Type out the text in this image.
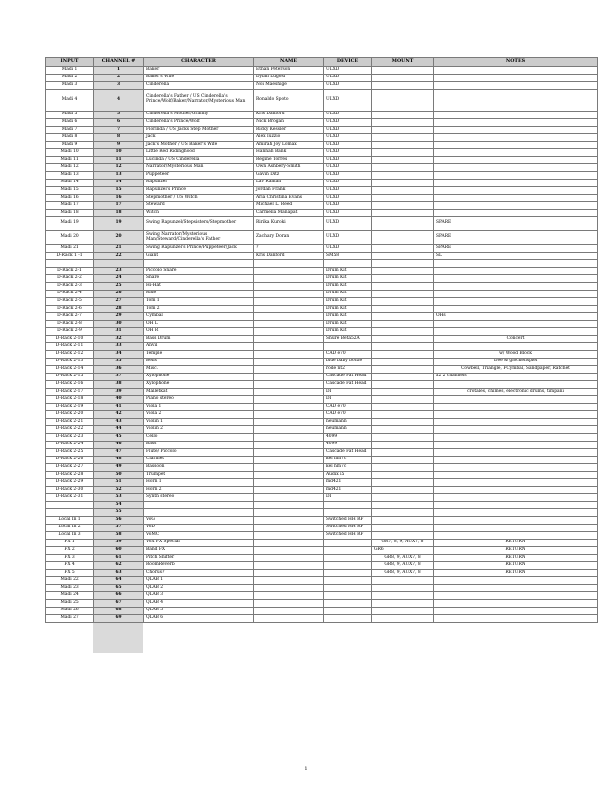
INPUT	CHANNEL #	CHARACTER	NAME	DEVICE	MOUNT	NOTES
Madi 1	1	Baker	Ethan Peterson	ULXD		
Madi 2	2	Baker's Wife	Dylan Lugosi	ULXD		
Madi 3	3	Cinderella	Noi Maeshige	ULXD		
Madi 4	4	Cinderella's Father / US Cinderella's Prince/Wolf/Baker/Narrator/Mysterious Man	Ronaldo Spoto	ULXD		
Madi 5	5	Cinderella's Mother/Granny	Kris Danford	ULXD		
Madi 6	6	Cinderella's Prince/Wolf	Nick Brogan	ULXD		
Madi 7	7	Florinda / US Jacks Step Mother	Ricky Kessler	ULXD		
Madi 8	8	Jack	Alex Iuzzio	ULXD		
Madi 9	9	Jack's Mother / US Baker's Wife	Amirah Joy Lomax	ULXD		
Madi 10	10	Little Red Ridinghood	Hannah Bank	ULXD		
Madi 11	11	Lucinda / US Cinderella	Regine Torres	ULXD		
Madi 12	12	Narrator/Mysterious Man	Own Ashbery-Smith	ULXD		
Madi 13	13	Puppeteer	Gavin Ditz	ULXD		
Madi 14	14	Rapunzel	Lav Raman	ULXD		
Madi 15	15	Rapunzel's Prince	Jordan Frank	ULXD		
Madi 16	16	Stepmother / US Witch	Aria Christina Evans	ULXD		
Madi 17	17	Steward	Michael L. Reed	ULXD		
Madi 18	18	Witch	Carmella Manapat	ULXD		
Madi 19	19	Swing Rapunzel/Stepsisters/Stepmother	Ririka Kuroki	ULXD		SPARE
Madi 20	20	Swing Narrator/Mysterious Man/Steward/Cinderella's Father	Zachary Doran	ULXD		SPARE
Madi 21	21	Swing Rapunzel's Prince/Puppeteer/Jack	?	ULXD		SPARE
D-Rack 1 -1	22	Giant	Kris Danford	SM58		SL

D-Rack 2-1	23	Piccolo Snare		Drum Kit		
D-Rack 2-2	24	Snare		Drum Kit		
D-Rack 2-3	25	Hi-Hat		Drum Kit		
D-Rack 2-4	26	Ride		Drum Kit		
D-Rack 2-5	27	Tom 1		Drum Kit		
D-Rack 2-6	28	Tom 2		Drum Kit		
D-Rack 2-7	29	Cymbal		Drum Kit		OHs
D-Rack 2-8	30	OH L		Drum Kit		
D-Rack 2-9	31	OH R		Drum Kit		
D-Rack 2-10	32	Bass Drum		Shure Beta52A		Concert
D-Rack 2-11	33	Anvil				
D-Rack 2-12	34	Temple		CAD e70		w/ Wood Block
D-Rack 2-13	35	Bells		blue baby bottle		tree & glockenspiel
D-Rack 2-14	36	Misc.		rode nt2		Cowbell, Triangle, FCymbal, Sandpaper, Ratchet
D-Rack 2-15	37	Xylophone		Cascade Fat Head		x2 2 channels
D-Rack 2-16	38	Xylophone		Cascade Fat Head		
D-Rack 2-17	39	Malletkat		DI		crotales, chimes, electronic drums, timpani
D-Rack 2-18	40	Piano stereo		DI		
D-Rack 2-19	41	Viola 1		CAD e70		
D-Rack 2-20	42	Viola 2		CAD e70		
D-Rack 2-21	43	Violin 1		neumann		
D-Rack 2-22	44	Violin 2		neumann		
D-Rack 2-23	45	Cello		4099		
D-Rack 2-24	46	Bass		4099		
D-Rack 2-25	47	Flute/ Piccolo		Cascade Fat Head		
D-Rack 2-26	48	Clarinet		kel hm7c		
D-Rack 2-27	49	Bassoon		kel hm7c		
D-Rack 2-28	50	Trumpet		Audix i5		
D-Rack 2-29	51	Horn 1		md421		
D-Rack 2-30	52	Horn 2		md421		
D-Rack 2-31	53	Synth stereo		DI		
	54					
	55					
Local In 1	56	VoG		Switched HH RF		
Local In 2	57	VoD		Switched HH RF		
Local In 3	58	VoMC		Switched HH RF		
FX 1	59	VoX FX Special			GR7, 8, 9, AUX7, 8	RETURN
FX 2	60	Band FX			GR6	RETURN
FX 3	61	Pitch Shifter			GR8, 9, AUX7, 8	RETURN
FX 4	62	RoomReverb			GR8, 9, AUX7, 8	RETURN
FX 5	63	Chorus?			GR8, 9, AUX7, 8	RETURN
Madi 22	64	QLAB 1				
Madi 23	65	QLAB 2				
Madi 24	66	QLAB 3				
Madi 25	67	QLAB 4				
Madi 26	68	QLAB 5				
Madi 27	69	QLAB 6				
1
